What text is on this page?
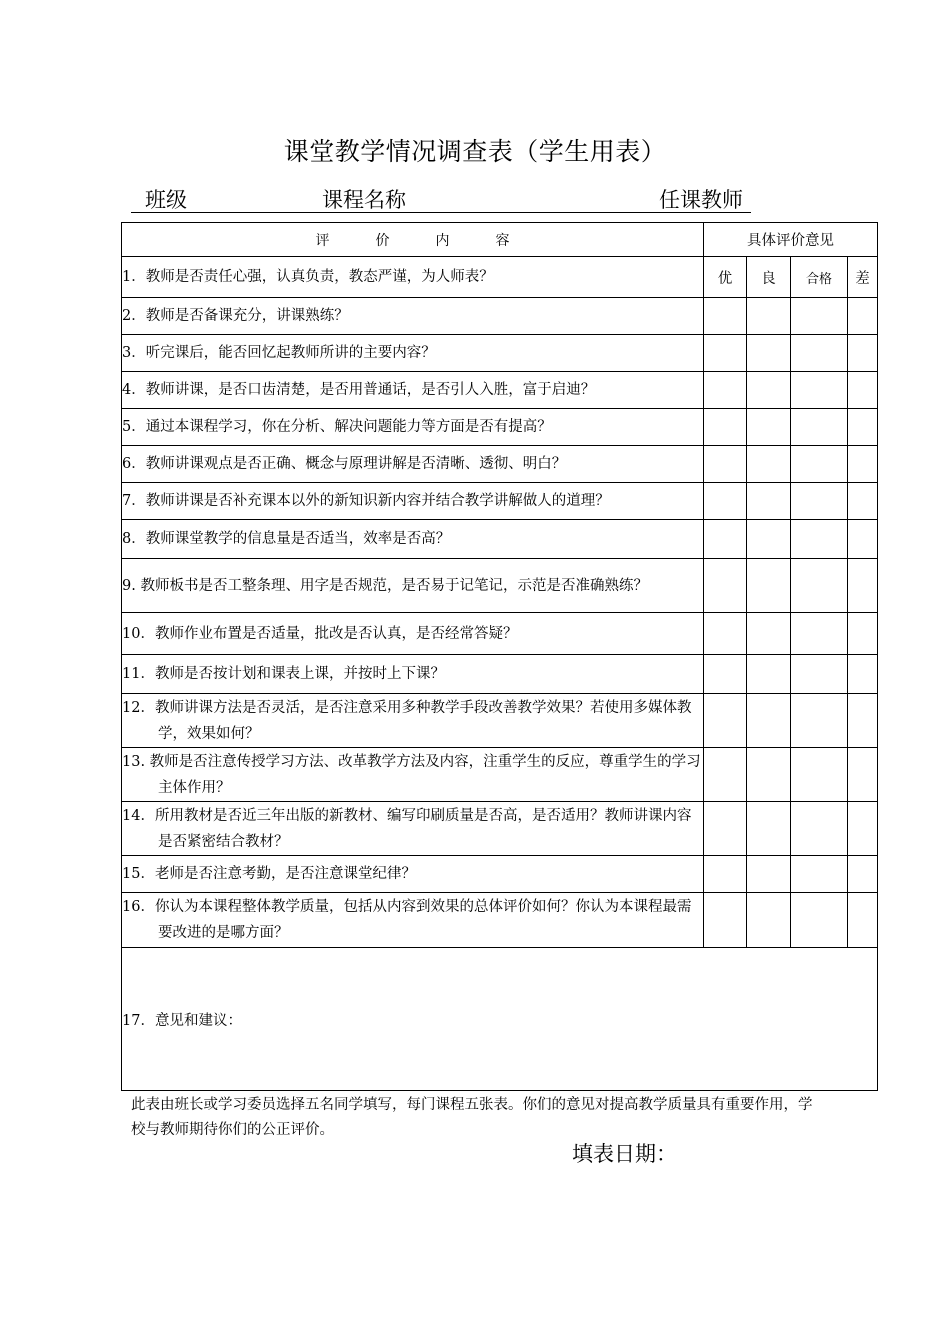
课堂教学情况调查表（学生用表）
班级	课程名称	任课教师
评价内容	具体评价意见			
1．教师是否责任心强，认真负责，教态严谨，为人师表？	优	良	合格	差
2．教师是否备课充分，讲课熟练？				
3．听完课后，能否回忆起教师所讲的主要内容？				
4．教师讲课，是否口齿清楚，是否用普通话，是否引人入胜，富于启迪？				
5．通过本课程学习，你在分析、解决问题能力等方面是否有提高？				
6．教师讲课观点是否正确、概念与原理讲解是否清晰、透彻、明白？				
7．教师讲课是否补充课本以外的新知识新内容并结合教学讲解做人的道理？				
8．教师课堂教学的信息量是否适当，效率是否高？				
9. 教师板书是否工整条理、用字是否规范，是否易于记笔记，示范是否准确熟练？				
10．教师作业布置是否适量，批改是否认真，是否经常答疑？				
11．教师是否按计划和课表上课，并按时上下课？				

12．教师讲课方法是否灵活，是否注意采用多种教学手段改善教学效果？若使用多媒体教学，效果如何？				

13. 教师是否注意传授学习方法、改革教学方法及内容，注重学生的反应，尊重学生的学习主体作用？				

14．所用教材是否近三年出版的新教材、编写印刷质量是否高，是否适用？教师讲课内容是否紧密结合教材？				

15．老师是否注意考勤，是否注意课堂纪律？				

16．你认为本课程整体教学质量，包括从内容到效果的总体评价如何？你认为本课程最需要改进的是哪方面？				

17．意见和建议：				
此表由班长或学习委员选择五名同学填写，每门课程五张表。你们的意见对提高教学质量具有重要作用，学校与教师期待你们的公正评价。
填表日期：
